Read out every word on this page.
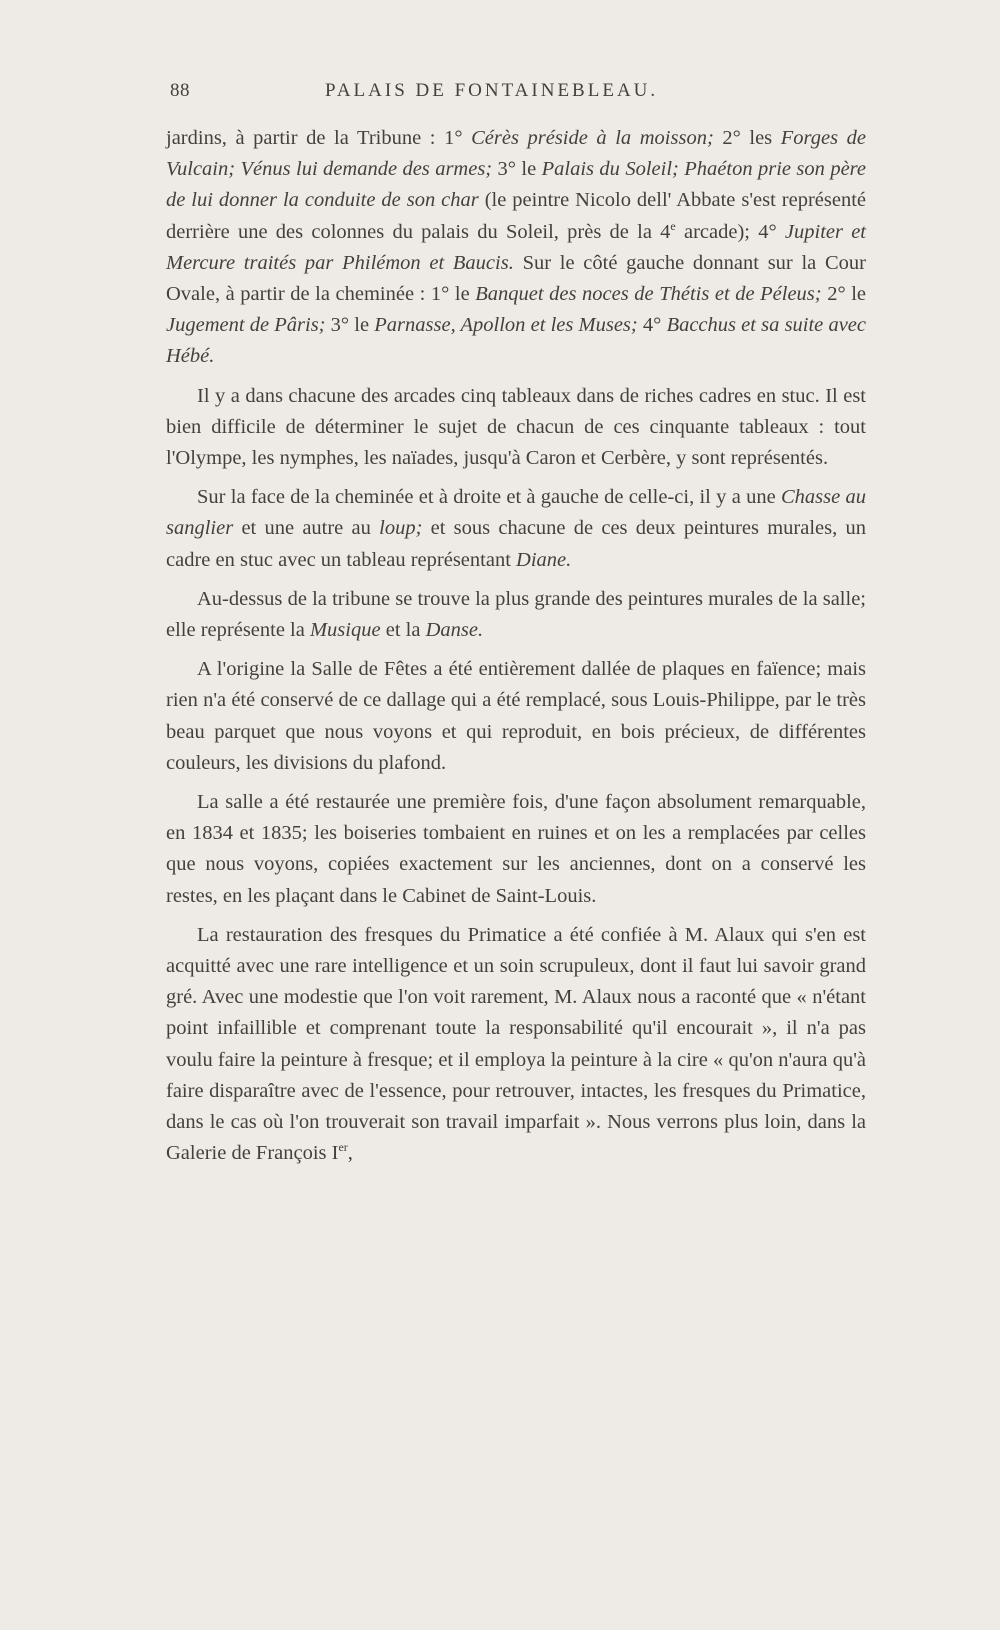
88	PALAIS DE FONTAINEBLEAU.

jardins, à partir de la Tribune : 1° Cérès préside à la moisson; 2° les Forges de Vulcain; Vénus lui demande des armes; 3° le Palais du Soleil; Phaéton prie son père de lui donner la conduite de son char (le peintre Nicolo dell' Abbate s'est représenté derrière une des colonnes du palais du Soleil, près de la 4e arcade); 4° Jupiter et Mercure traités par Philémon et Baucis. Sur le côté gauche donnant sur la Cour Ovale, à partir de la cheminée : 1° le Banquet des noces de Thétis et de Péleus; 2° le Jugement de Pâris; 3° le Parnasse, Apollon et les Muses; 4° Bacchus et sa suite avec Hébé.

Il y a dans chacune des arcades cinq tableaux dans de riches cadres en stuc. Il est bien difficile de déterminer le sujet de chacun de ces cinquante tableaux : tout l'Olympe, les nymphes, les naïades, jusqu'à Caron et Cerbère, y sont représentés.

Sur la face de la cheminée et à droite et à gauche de celle-ci, il y a une Chasse au sanglier et une autre au loup; et sous chacune de ces deux peintures murales, un cadre en stuc avec un tableau représentant Diane.

Au-dessus de la tribune se trouve la plus grande des peintures murales de la salle; elle représente la Musique et la Danse.

A l'origine la Salle de Fêtes a été entièrement dallée de plaques en faïence; mais rien n'a été conservé de ce dallage qui a été remplacé, sous Louis-Philippe, par le très beau parquet que nous voyons et qui reproduit, en bois précieux, de différentes couleurs, les divisions du plafond.

La salle a été restaurée une première fois, d'une façon absolument remarquable, en 1834 et 1835; les boiseries tombaient en ruines et on les a remplacées par celles que nous voyons, copiées exactement sur les anciennes, dont on a conservé les restes, en les plaçant dans le Cabinet de Saint-Louis.

La restauration des fresques du Primatice a été confiée à M. Alaux qui s'en est acquitté avec une rare intelligence et un soin scrupuleux, dont il faut lui savoir grand gré. Avec une modestie que l'on voit rarement, M. Alaux nous a raconté que « n'étant point infaillible et comprenant toute la responsabilité qu'il encourait », il n'a pas voulu faire la peinture à fresque; et il employa la peinture à la cire « qu'on n'aura qu'à faire disparaître avec de l'essence, pour retrouver, intactes, les fresques du Primatice, dans le cas où l'on trouverait son travail imparfait ». Nous verrons plus loin, dans la Galerie de François Ier,
